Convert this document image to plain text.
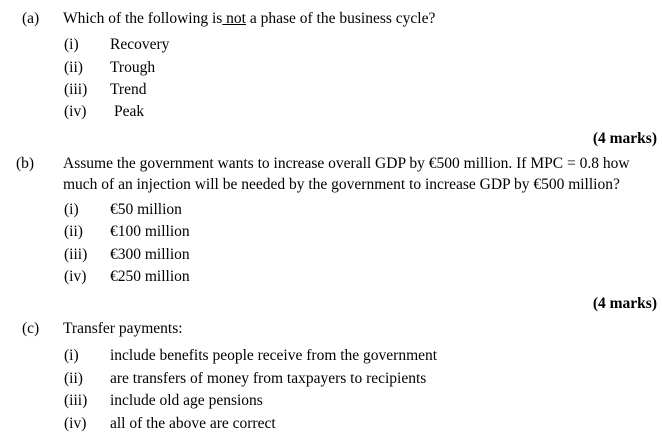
(a) Which of the following is not a phase of the business cycle?
(i) Recovery
(ii) Trough
(iii) Trend
(iv) Peak
(4 marks)
(b) Assume the government wants to increase overall GDP by €500 million. If MPC = 0.8 how
much of an injection will be needed by the government to increase GDP by €500 million?
(i) €50 million
(ii) €100 million
(iii) €300 million
(iv) €250 million
(4 marks)
(c) Transfer payments:
(i) include benefits people receive from the government
(ii) are transfers of money from taxpayers to recipients
(iii) include old age pensions
(iv) all of the above are correct
